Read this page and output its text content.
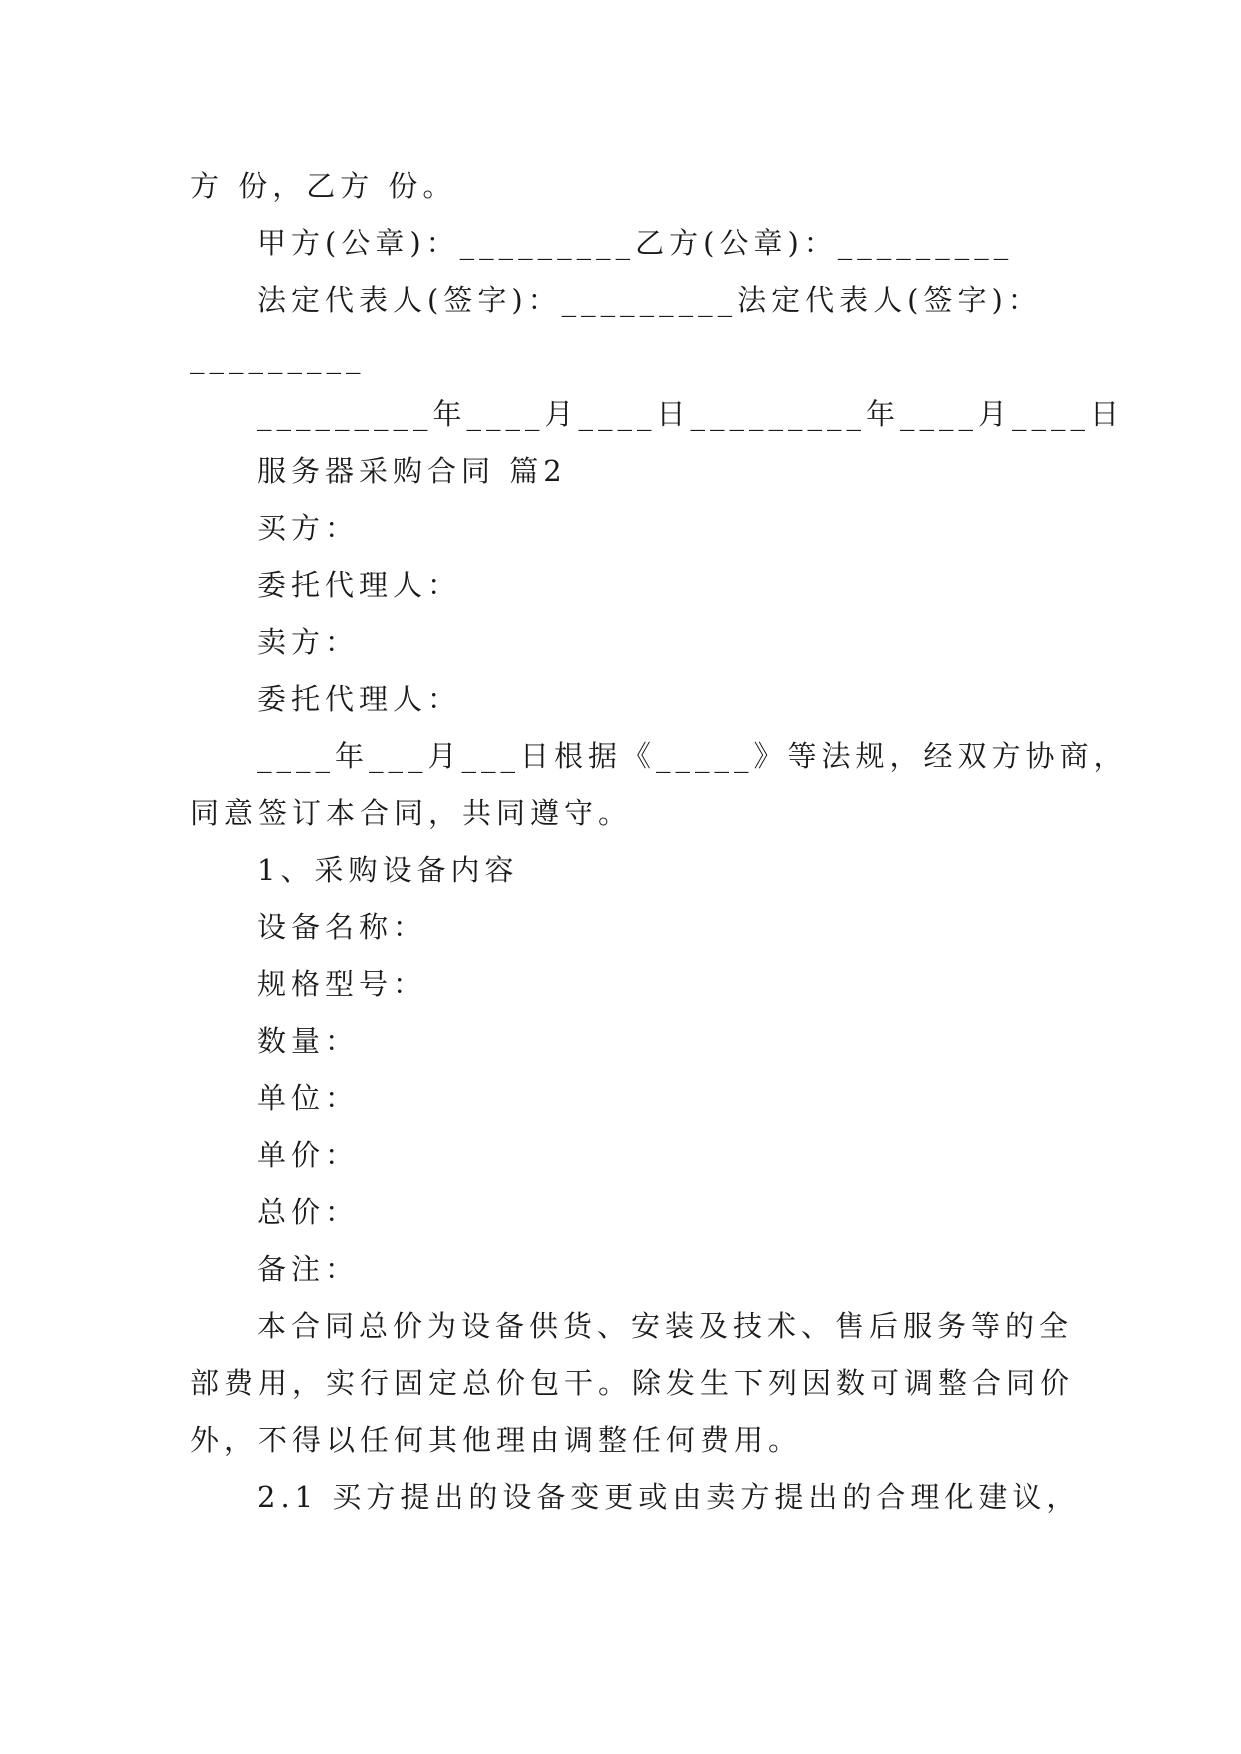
方 份，乙方 份。
甲方(公章)：_________乙方(公章)：_________
法定代表人(签字)：_________法定代表人(签字)：
_________
_________年____月____日_________年____月____日
服务器采购合同 篇2
买方：
委托代理人：
卖方：
委托代理人：
____年___月___日根据《_____》等法规，经双方协商，
同意签订本合同，共同遵守。
1、采购设备内容
设备名称：
规格型号：
数量：
单位：
单价：
总价：
备注：
本合同总价为设备供货、安装及技术、售后服务等的全
部费用，实行固定总价包干。除发生下列因数可调整合同价
外，不得以任何其他理由调整任何费用。
2.1 买方提出的设备变更或由卖方提出的合理化建议，
